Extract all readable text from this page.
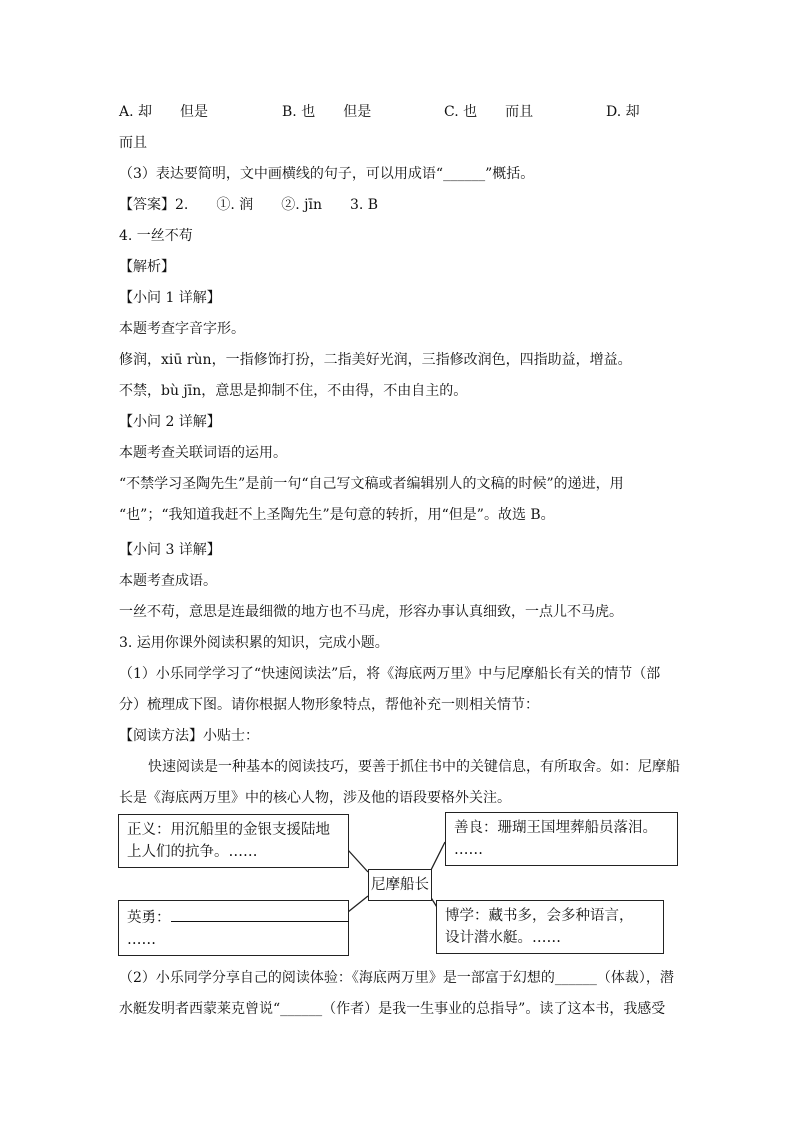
A. 却　　但是	B. 也　　但是	C. 也　　而且	D. 却
而且
（3）表达要简明，文中画横线的句子，可以用成语“______”概括。
【答案】2.　　①. 润　　②. jīn　　3. B
4. 一丝不苟
【解析】
【小问 1 详解】
本题考查字音字形。
修润，xiū rùn，一指修饰打扮，二指美好光润，三指修改润色，四指助益，增益。
不禁，bù jīn，意思是抑制不住，不由得，不由自主的。
【小问 2 详解】
本题考查关联词语的运用。
“不禁学习圣陶先生”是前一句“自己写文稿或者编辑别人的文稿的时候”的递进，用
“也”；“我知道我赶不上圣陶先生”是句意的转折，用“但是”。故选 B。
【小问 3 详解】
本题考查成语。
一丝不苟，意思是连最细微的地方也不马虎，形容办事认真细致，一点儿不马虎。
3. 运用你课外阅读积累的知识，完成小题。
（1）小乐同学学习了“快速阅读法”后，将《海底两万里》中与尼摩船长有关的情节（部
分）梳理成下图。请你根据人物形象特点，帮他补充一则相关情节：
【阅读方法】小贴士：
快速阅读是一种基本的阅读技巧，要善于抓住书中的关键信息，有所取舍。如：尼摩船
长是《海底两万里》中的核心人物，涉及他的语段要格外关注。
正义：用沉船里的金银支援陆地
上人们的抗争。……
善良：珊瑚王国埋葬船员落泪。
……
尼摩船长
英勇：
……
博学：藏书多，会多种语言，
设计潜水艇。……
（2）小乐同学分享自己的阅读体验：《海底两万里》是一部富于幻想的______（体裁），潜
水艇发明者西蒙莱克曾说“______（作者）是我一生事业的总指导”。读了这本书，我感受
